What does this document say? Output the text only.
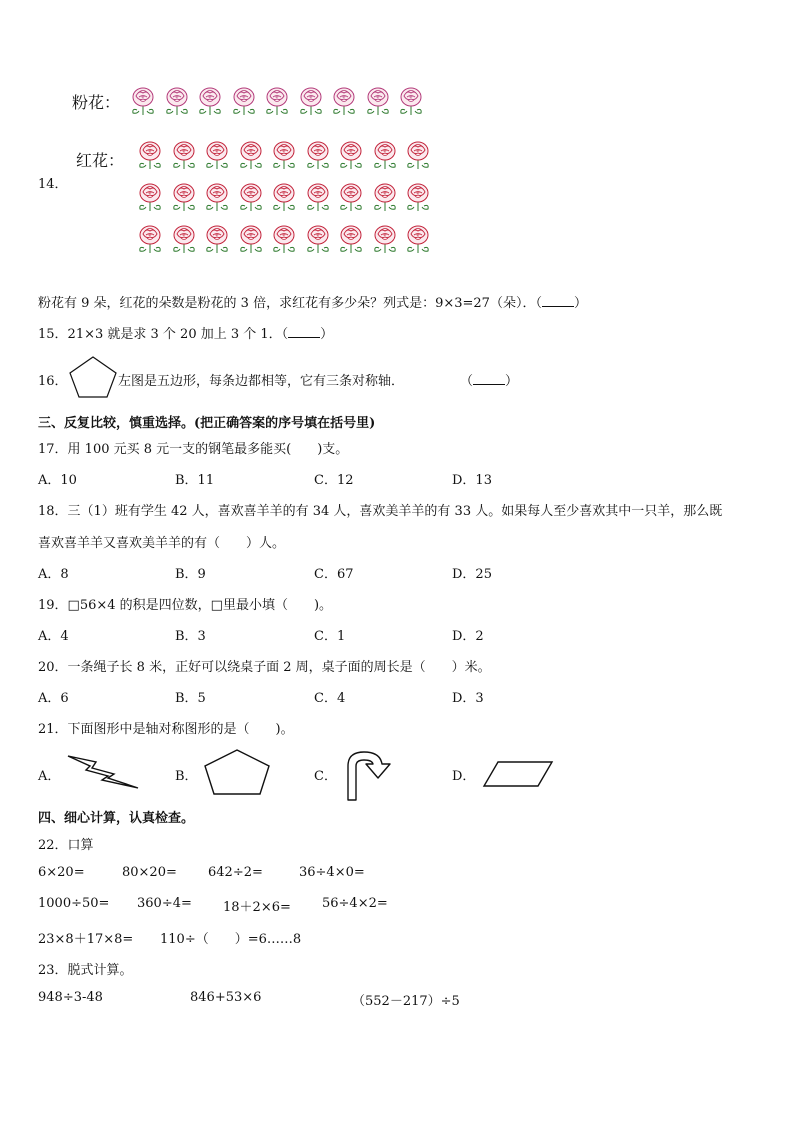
粉花：
红花：
14．
粉花有 9 朵，红花的朵数是粉花的 3 倍，求红花有多少朵？列式是：9×3=27（朵）．（ ）
15．21×3 就是求 3 个 20 加上 3 个 1．（ ）
16．	左图是五边形，每条边都相等，它有三条对称轴．	（ ）
三、反复比较，慎重选择。(把正确答案的序号填在括号里)
17．用 100 元买 8 元一支的钢笔最多能买(　　)支。
A．10	B．11	C．12	D．13
18．三（1）班有学生 42 人，喜欢喜羊羊的有 34 人，喜欢美羊羊的有 33 人。如果每人至少喜欢其中一只羊，那么既
喜欢喜羊羊又喜欢美羊羊的有（　　）人。
A．8	B．9	C．67	D．25
19．□56×4 的积是四位数，□里最小填（　　)。
A．4	B．3	C．1	D．2
20．一条绳子长 8 米，正好可以绕桌子面 2 周，桌子面的周长是（　　）米。
A．6	B．5	C．4	D．3
21．下面图形中是轴对称图形的是（　　)。
A．	B．	C．	D．
四、细心计算，认真检查。
22．口算
6×20=	80×20= 642÷2=	36÷4×0=
1000÷50= 360÷4= 18＋2×6= 56÷4×2=
23×8＋17×8= 110÷（　　）=6……8
23．脱式计算。
948÷3-48	846+53×6	（552－217）÷5
